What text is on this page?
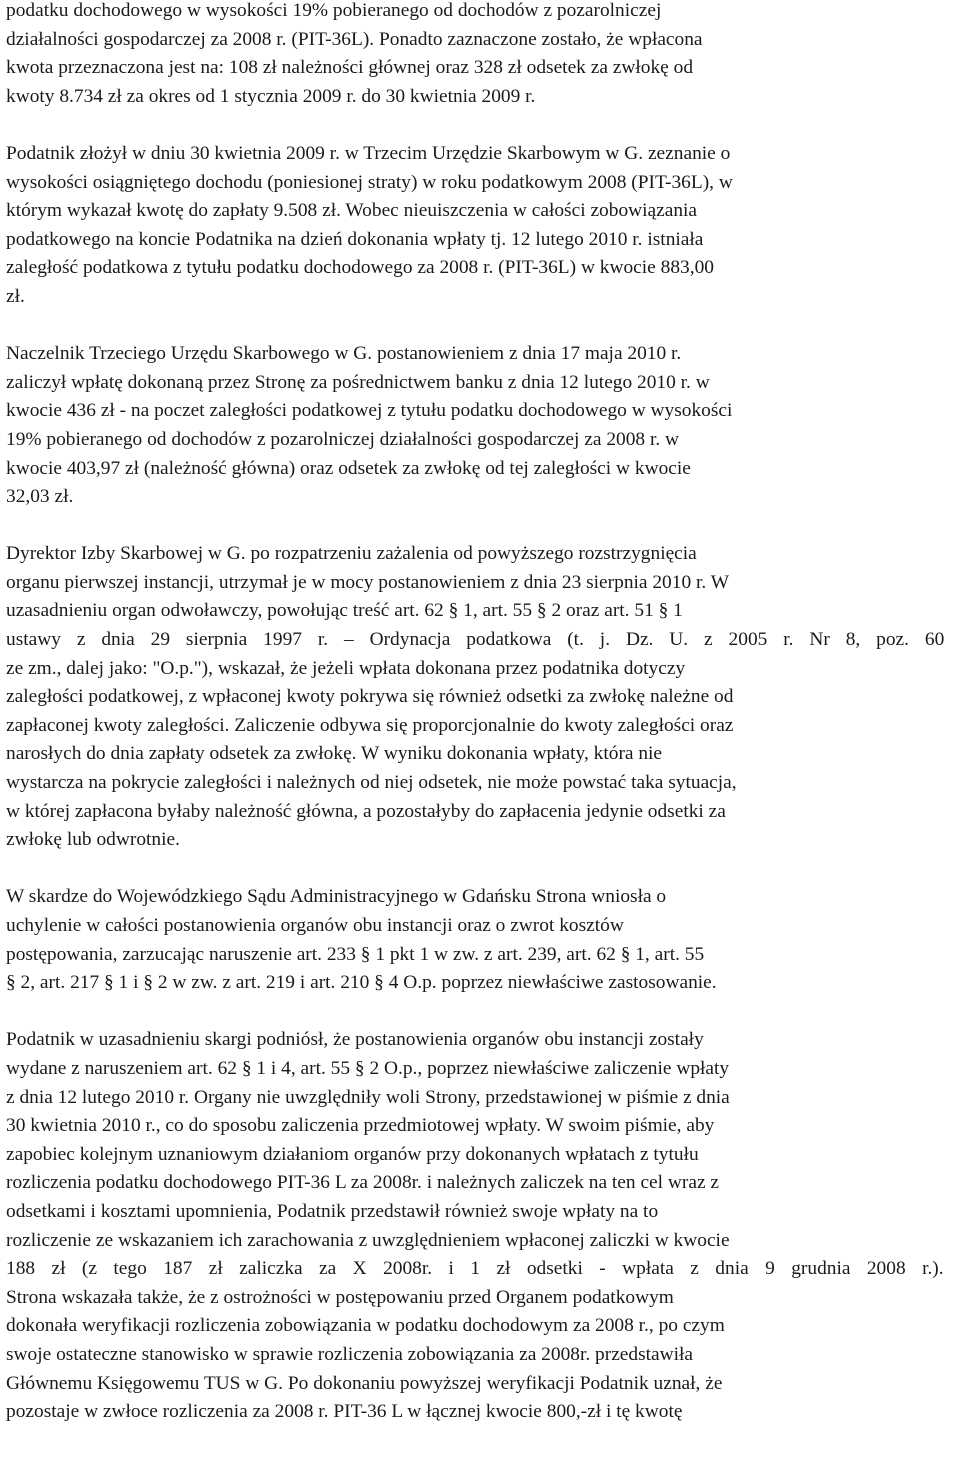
podatku dochodowego w wysokości 19% pobieranego od dochodów z pozarolniczej
działalności gospodarczej za 2008 r. (PIT-36L). Ponadto zaznaczone zostało, że wpłacona
kwota przeznaczona jest na: 108 zł należności głównej oraz 328 zł odsetek za zwłokę od
kwoty 8.734 zł za okres od 1 stycznia 2009 r. do 30 kwietnia 2009 r.
Podatnik złożył w dniu 30 kwietnia 2009 r. w Trzecim Urzędzie Skarbowym w G. zeznanie o
wysokości osiągniętego dochodu (poniesionej straty) w roku podatkowym 2008 (PIT-36L), w
którym wykazał kwotę do zapłaty 9.508 zł. Wobec nieuiszczenia w całości zobowiązania
podatkowego na koncie Podatnika na dzień dokonania wpłaty tj. 12 lutego 2010 r. istniała
zaległość podatkowa z tytułu podatku dochodowego za 2008 r. (PIT-36L) w kwocie 883,00
zł.
Naczelnik Trzeciego Urzędu Skarbowego w G. postanowieniem z dnia 17 maja 2010 r.
zaliczył wpłatę dokonaną przez Stronę za pośrednictwem banku z dnia 12 lutego 2010 r. w
kwocie 436 zł - na poczet zaległości podatkowej z tytułu podatku dochodowego w wysokości
19% pobieranego od dochodów z pozarolniczej działalności gospodarczej za 2008 r. w
kwocie 403,97 zł (należność główna) oraz odsetek za zwłokę od tej zaległości w kwocie
32,03 zł.
Dyrektor Izby Skarbowej w G. po rozpatrzeniu zażalenia od powyższego rozstrzygnięcia
organu pierwszej instancji, utrzymał je w mocy postanowieniem z dnia 23 sierpnia 2010 r. W
uzasadnieniu organ odwoławczy, powołując treść art. 62 § 1, art. 55 § 2 oraz art. 51 § 1
ustawy z dnia 29 sierpnia 1997 r. – Ordynacja podatkowa (t. j. Dz. U. z 2005 r. Nr 8, poz. 60
ze zm., dalej jako: "O.p."), wskazał, że jeżeli wpłata dokonana przez podatnika dotyczy
zaległości podatkowej, z wpłaconej kwoty pokrywa się również odsetki za zwłokę należne od
zapłaconej kwoty zaległości. Zaliczenie odbywa się proporcjonalnie do kwoty zaległości oraz
narosłych do dnia zapłaty odsetek za zwłokę. W wyniku dokonania wpłaty, która nie
wystarcza na pokrycie zaległości i należnych od niej odsetek, nie może powstać taka sytuacja,
w której zapłacona byłaby należność główna, a pozostałyby do zapłacenia jedynie odsetki za
zwłokę lub odwrotnie.
W skardze do Wojewódzkiego Sądu Administracyjnego w Gdańsku Strona wniosła o
uchylenie w całości postanowienia organów obu instancji oraz o zwrot kosztów
postępowania, zarzucając naruszenie art. 233 § 1 pkt 1 w zw. z art. 239, art. 62 § 1, art. 55
§ 2, art. 217 § 1 i § 2 w zw. z art. 219 i art. 210 § 4 O.p. poprzez niewłaściwe zastosowanie.
Podatnik w uzasadnieniu skargi podniósł, że postanowienia organów obu instancji zostały
wydane z naruszeniem art. 62 § 1 i 4, art. 55 § 2 O.p., poprzez niewłaściwe zaliczenie wpłaty
z dnia 12 lutego 2010 r. Organy nie uwzględniły woli Strony, przedstawionej w piśmie z dnia
30 kwietnia 2010 r., co do sposobu zaliczenia przedmiotowej wpłaty. W swoim piśmie, aby
zapobiec kolejnym uznaniowym działaniom organów przy dokonanych wpłatach z tytułu
rozliczenia podatku dochodowego PIT-36 L za 2008r. i należnych zaliczek na ten cel wraz z
odsetkami i kosztami upomnienia, Podatnik przedstawił również swoje wpłaty na to
rozliczenie ze wskazaniem ich zarachowania z uwzględnieniem wpłaconej zaliczki w kwocie
188 zł (z tego 187 zł zaliczka za X 2008r. i 1 zł odsetki - wpłata z dnia 9 grudnia 2008 r.).
Strona wskazała także, że z ostrożności w postępowaniu przed Organem podatkowym
dokonała weryfikacji rozliczenia zobowiązania w podatku dochodowym za 2008 r., po czym
swoje ostateczne stanowisko w sprawie rozliczenia zobowiązania za 2008r. przedstawiła
Głównemu Księgowemu TUS w G. Po dokonaniu powyższej weryfikacji Podatnik uznał, że
pozostaje w zwłoce rozliczenia za 2008 r. PIT-36 L w łącznej kwocie 800,-zł i tę kwotę
